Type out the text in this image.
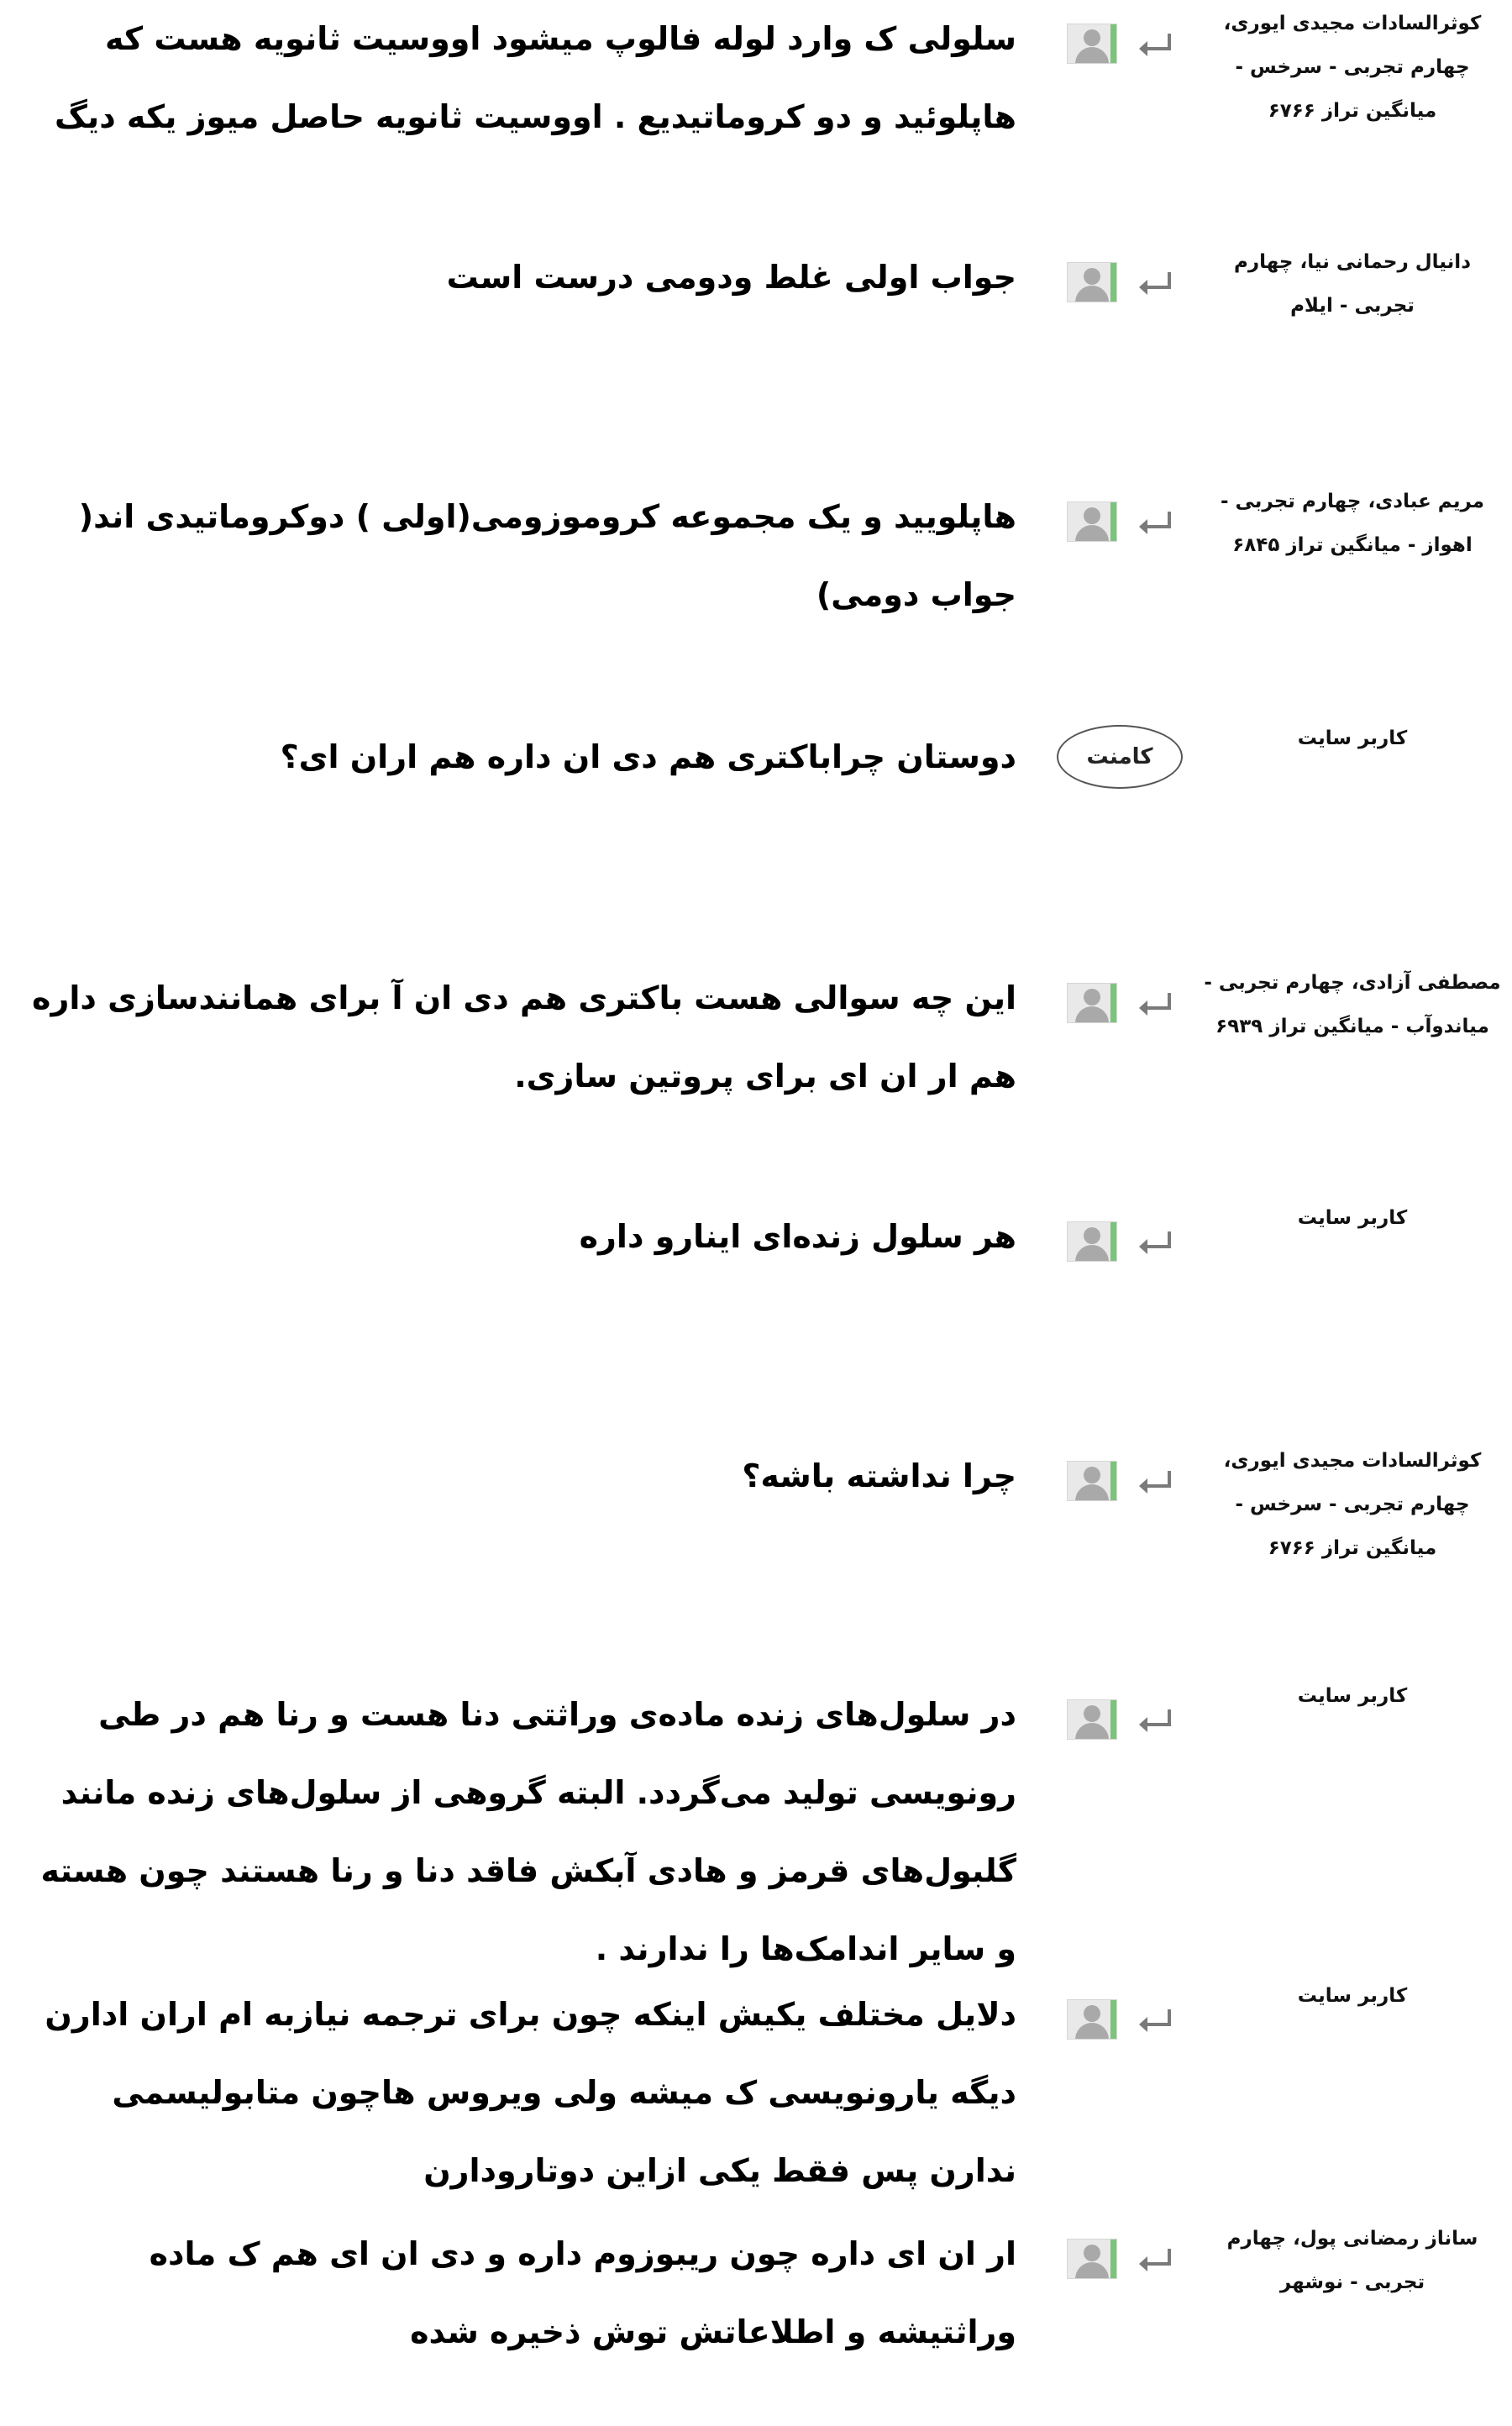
کوثرالسادات مجیدی ایوری، چهارم تجربی - سرخس - میانگین تراز ۶۷۶۶
سلولی ک وارد لوله فالوپ میشود اووسیت ثانویه هست که هاپلوئید و دو کروماتیدیع . اووسیت ثانویه حاصل میوز یکه دیگ
دانیال رحمانی نیا، چهارم تجربی - ایلام
جواب اولی غلط ودومی درست است
مریم عبادی، چهارم تجربی - اهواز - میانگین تراز ۶۸۴۵
هاپلویید و یک مجموعه کروموزومی(اولی ) دوکروماتیدی اند( جواب دومی)
کاربر سایت
کامنت
دوستان چراباکتری هم دی ان داره هم اران ای؟
مصطفی آزادی، چهارم تجربی - میاندوآب - میانگین تراز ۶۹۳۹
این چه سوالی هست باکتری هم دی ان آ برای همانندسازی داره هم ار ان ای برای پروتین سازی.
کاربر سایت
هر سلول زنده‌ای اینارو داره
کوثرالسادات مجیدی ایوری، چهارم تجربی - سرخس - میانگین تراز ۶۷۶۶
چرا نداشته باشه؟
کاربر سایت
در سلول‌های زنده ماده‌ی وراثتی دنا هست و رنا هم در طی رونویسی تولید می‌گردد. البته گروهی از سلول‌های زنده مانند گلبول‌های قرمز و هادی آبکش فاقد دنا و رنا هستند چون هسته و سایر اندامک‌ها را ندارند .
کاربر سایت
دلایل مختلف یکیش اینکه چون برای ترجمه نیازبه ام اران ادارن دیگه یارونویسی ک میشه ولی ویروس هاچون متابولیسمی ندارن پس فقط یکی ازاین دوتارودارن
ساناز رمضانی پول، چهارم تجربی - نوشهر
ار ان ای داره چون ریبوزوم داره و دی ان ای هم ک ماده وراثتیشه و اطلاعاتش توش ذخیره شده
